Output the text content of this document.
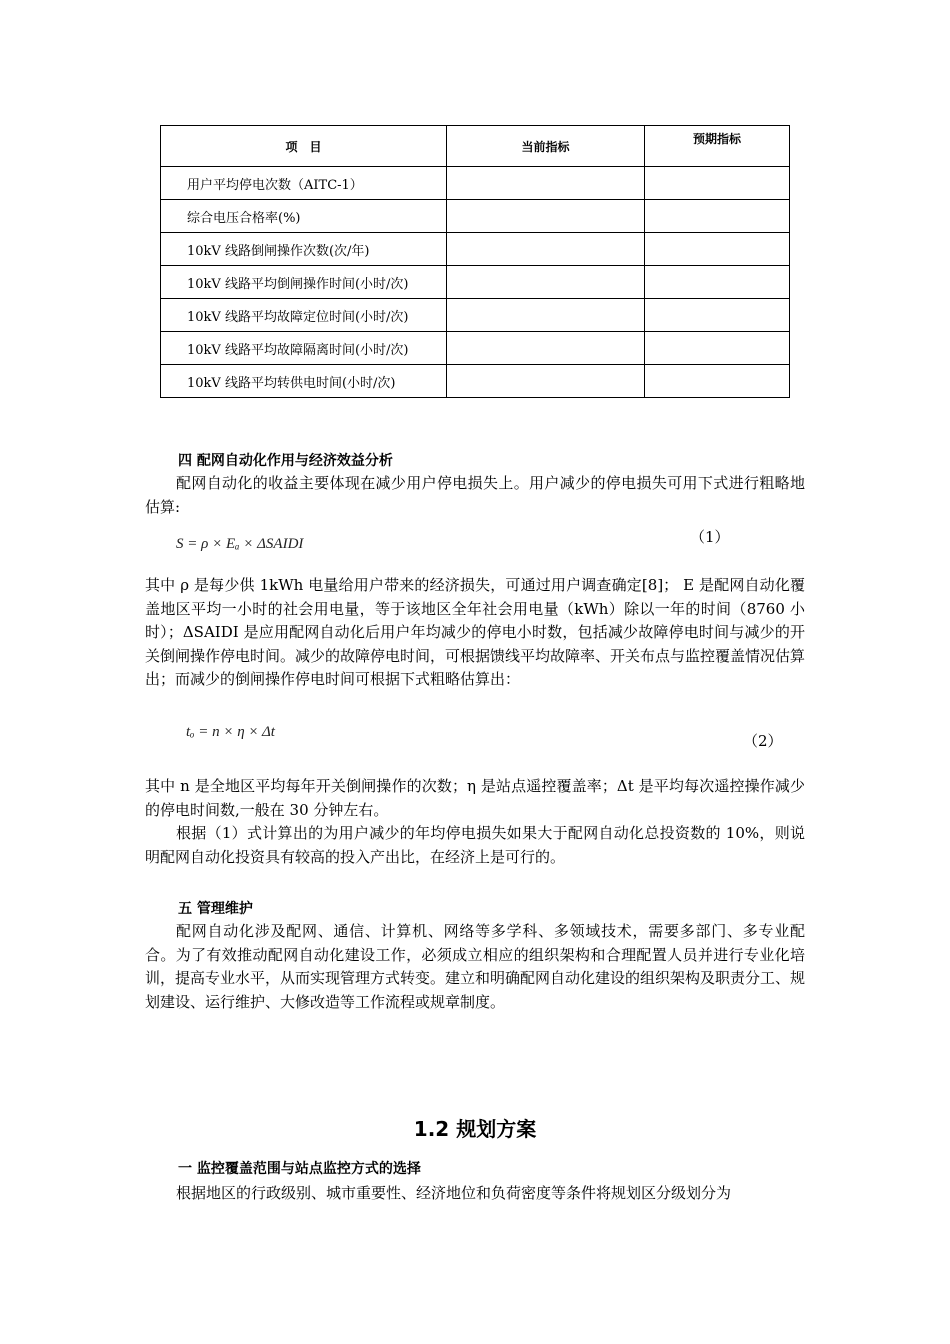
项　目	当前指标	预期指标
用户平均停电次数（AITC-1）		
综合电压合格率(%)		
10kV 线路倒闸操作次数(次/年)		
10kV 线路平均倒闸操作时间(小时/次)		
10kV 线路平均故障定位时间(小时/次)		
10kV 线路平均故障隔离时间(小时/次)		
10kV 线路平均转供电时间(小时/次)		
四 配网自动化作用与经济效益分析
配网自动化的收益主要体现在减少用户停电损失上。用户减少的停电损失可用下式进行粗略地估算:
S = ρ × Eₐ × ΔSAIDI	（1）
其中 ρ 是每少供 1kWh 电量给用户带来的经济损失，可通过用户调查确定[8]； E 是配网自动化覆盖地区平均一小时的社会用电量，等于该地区全年社会用电量（kWh）除以一年的时间（8760 小时）；ΔSAIDI 是应用配网自动化后用户年均减少的停电小时数，包括减少故障停电时间与减少的开关倒闸操作停电时间。减少的故障停电时间，可根据馈线平均故障率、开关布点与监控覆盖情况估算出；而减少的倒闸操作停电时间可根据下式粗略估算出：
tₒ = n × η × Δt	（2）
其中 n 是全地区平均每年开关倒闸操作的次数；η 是站点遥控覆盖率；Δt 是平均每次遥控操作减少的停电时间数,一般在 30 分钟左右。
根据（1）式计算出的为用户减少的年均停电损失如果大于配网自动化总投资数的 10%，则说明配网自动化投资具有较高的投入产出比，在经济上是可行的。
五 管理维护
配网自动化涉及配网、通信、计算机、网络等多学科、多领域技术，需要多部门、多专业配合。为了有效推动配网自动化建设工作，必须成立相应的组织架构和合理配置人员并进行专业化培训，提高专业水平，从而实现管理方式转变。建立和明确配网自动化建设的组织架构及职责分工、规划建设、运行维护、大修改造等工作流程或规章制度。
1.2 规划方案
一 监控覆盖范围与站点监控方式的选择
根据地区的行政级别、城市重要性、经济地位和负荷密度等条件将规划区分级划分为
